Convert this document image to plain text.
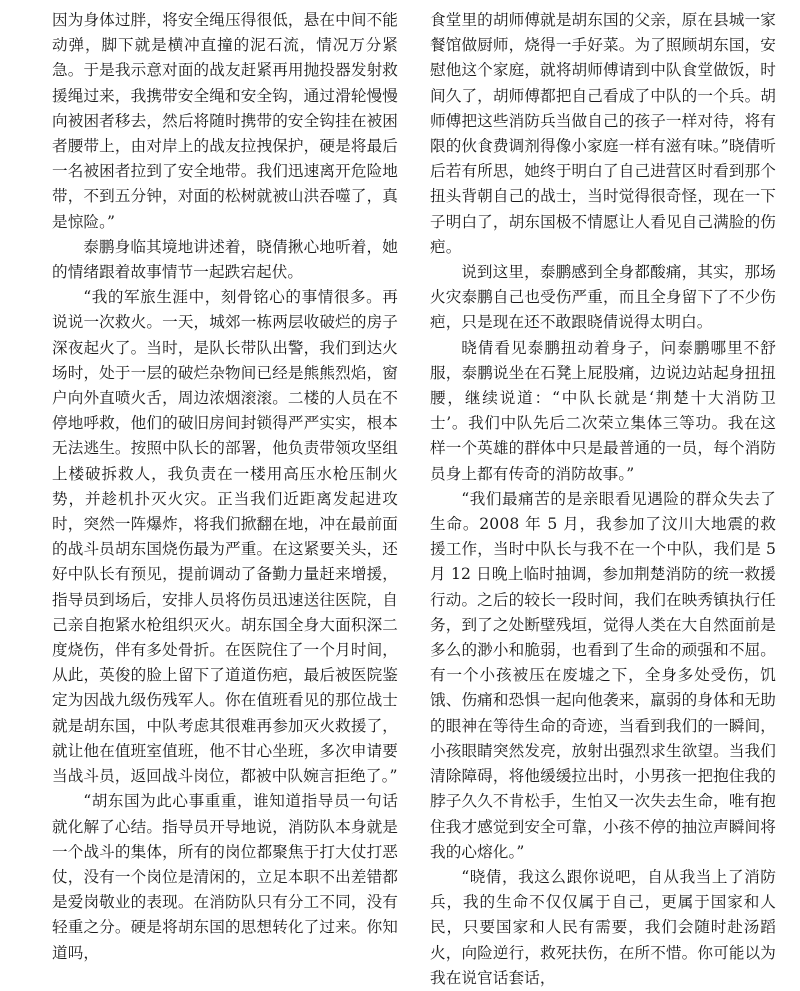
因为身体过胖，将安全绳压得很低，悬在中间不能动弹，脚下就是横冲直撞的泥石流，情况万分紧急。于是我示意对面的战友赶紧再用抛投器发射救援绳过来，我携带安全绳和安全钩，通过滑轮慢慢向被困者移去，然后将随时携带的安全钩挂在被困者腰带上，由对岸上的战友拉拽保护，硬是将最后一名被困者拉到了安全地带。我们迅速离开危险地带，不到五分钟，对面的松树就被山洪吞噬了，真是惊险。”

泰鹏身临其境地讲述着，晓倩揪心地听着，她的情绪跟着故事情节一起跌宕起伏。

“我的军旅生涯中，刻骨铭心的事情很多。再说说一次救火。一天，城郊一栋两层收破烂的房子深夜起火了。当时，是队长带队出警，我们到达火场时，处于一层的破烂杂物间已经是熊熊烈焰，窗户向外直喷火舌，周边浓烟滚滚。二楼的人员在不停地呼救，他们的破旧房间封锁得严严实实，根本无法逃生。按照中队长的部署，他负责带领攻坚组上楼破拆救人，我负责在一楼用高压水枪压制火势，并趁机扑灭火灾。正当我们近距离发起进攻时，突然一阵爆炸，将我们掀翻在地，冲在最前面的战斗员胡东国烧伤最为严重。在这紧要关头，还好中队长有预见，提前调动了备勤力量赶来增援，指导员到场后，安排人员将伤员迅速送往医院，自己亲自抱紧水枪组织灭火。胡东国全身大面积深二度烧伤，伴有多处骨折。在医院住了一个月时间，从此，英俊的脸上留下了道道伤疤，最后被医院鉴定为因战九级伤残军人。你在值班看见的那位战士就是胡东国，中队考虑其很难再参加灭火救援了，就让他在值班室值班，他不甘心坐班，多次申请要当战斗员，返回战斗岗位，都被中队婉言拒绝了。”

“胡东国为此心事重重，谁知道指导员一句话就化解了心结。指导员开导地说，消防队本身就是一个战斗的集体，所有的岗位都聚焦于打大仗打恶仗，没有一个岗位是清闲的，立足本职不出差错都是爱岗敬业的表现。在消防队只有分工不同，没有轻重之分。硬是将胡东国的思想转化了过来。你知道吗，

食堂里的胡师傅就是胡东国的父亲，原在县城一家餐馆做厨师，烧得一手好菜。为了照顾胡东国，安慰他这个家庭，就将胡师傅请到中队食堂做饭，时间久了，胡师傅都把自己看成了中队的一个兵。胡师傅把这些消防兵当做自己的孩子一样对待，将有限的伙食费调剂得像小家庭一样有滋有味。”晓倩听后若有所思，她终于明白了自己进营区时看到那个扭头背朝自己的战士，当时觉得很奇怪，现在一下子明白了，胡东国极不情愿让人看见自己满脸的伤疤。

说到这里，泰鹏感到全身都酸痛，其实，那场火灾泰鹏自己也受伤严重，而且全身留下了不少伤疤，只是现在还不敢跟晓倩说得太明白。

晓倩看见泰鹏扭动着身子，问泰鹏哪里不舒服，泰鹏说坐在石凳上屁股痛，边说边站起身扭扭腰，继续说道：“中队长就是‘荆楚十大消防卫士’。我们中队先后二次荣立集体三等功。我在这样一个英雄的群体中只是最普通的一员，每个消防员身上都有传奇的消防故事。”

“我们最痛苦的是亲眼看见遇险的群众失去了生命。2008 年 5 月，我参加了汶川大地震的救援工作，当时中队长与我不在一个中队，我们是 5 月 12 日晚上临时抽调，参加荆楚消防的统一救援行动。之后的较长一段时间，我们在映秀镇执行任务，到了之处断壁残垣，觉得人类在大自然面前是多么的渺小和脆弱，也看到了生命的顽强和不屈。有一个小孩被压在废墟之下，全身多处受伤，饥饿、伤痛和恐惧一起向他袭来，羸弱的身体和无助的眼神在等待生命的奇迹，当看到我们的一瞬间，小孩眼睛突然发亮，放射出强烈求生欲望。当我们清除障碍，将他缓缓拉出时，小男孩一把抱住我的脖子久久不肯松手，生怕又一次失去生命，唯有抱住我才感觉到安全可靠，小孩不停的抽泣声瞬间将我的心熔化。”

“晓倩，我这么跟你说吧，自从我当上了消防兵，我的生命不仅仅属于自己，更属于国家和人民，只要国家和人民有需要，我们会随时赴汤蹈火，向险逆行，救死扶伤，在所不惜。你可能以为我在说官话套话，
